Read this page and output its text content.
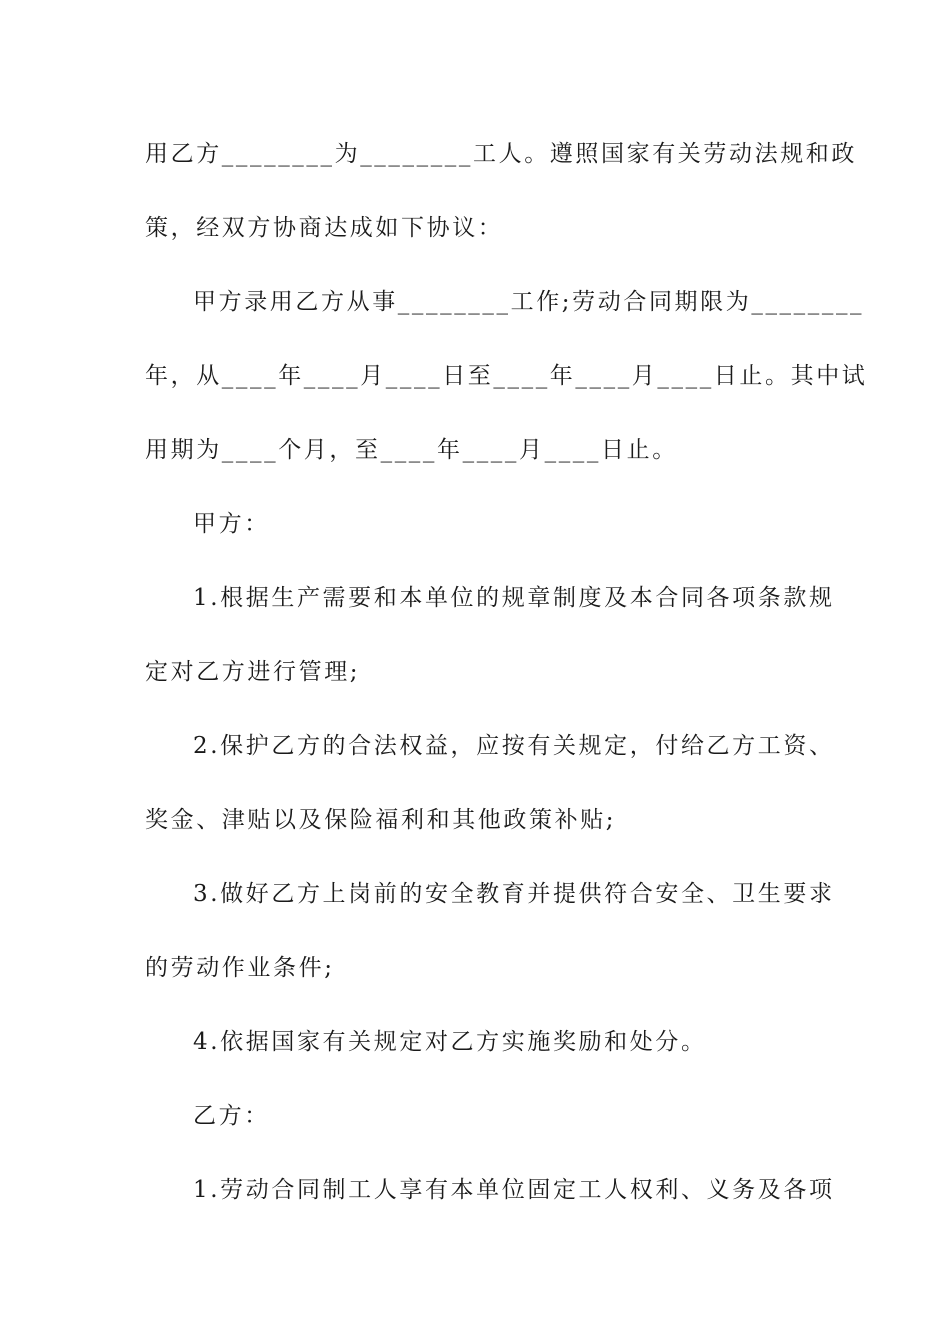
用乙方________为________工人。遵照国家有关劳动法规和政
策，经双方协商达成如下协议：
甲方录用乙方从事________工作;劳动合同期限为________
年，从____年____月____日至____年____月____日止。其中试
用期为____个月，至____年____月____日止。
甲方：
1.根据生产需要和本单位的规章制度及本合同各项条款规
定对乙方进行管理;
2.保护乙方的合法权益，应按有关规定，付给乙方工资、
奖金、津贴以及保险福利和其他政策补贴;
3.做好乙方上岗前的安全教育并提供符合安全、卫生要求
的劳动作业条件;
4.依据国家有关规定对乙方实施奖励和处分。
乙方：
1.劳动合同制工人享有本单位固定工人权利、义务及各项
